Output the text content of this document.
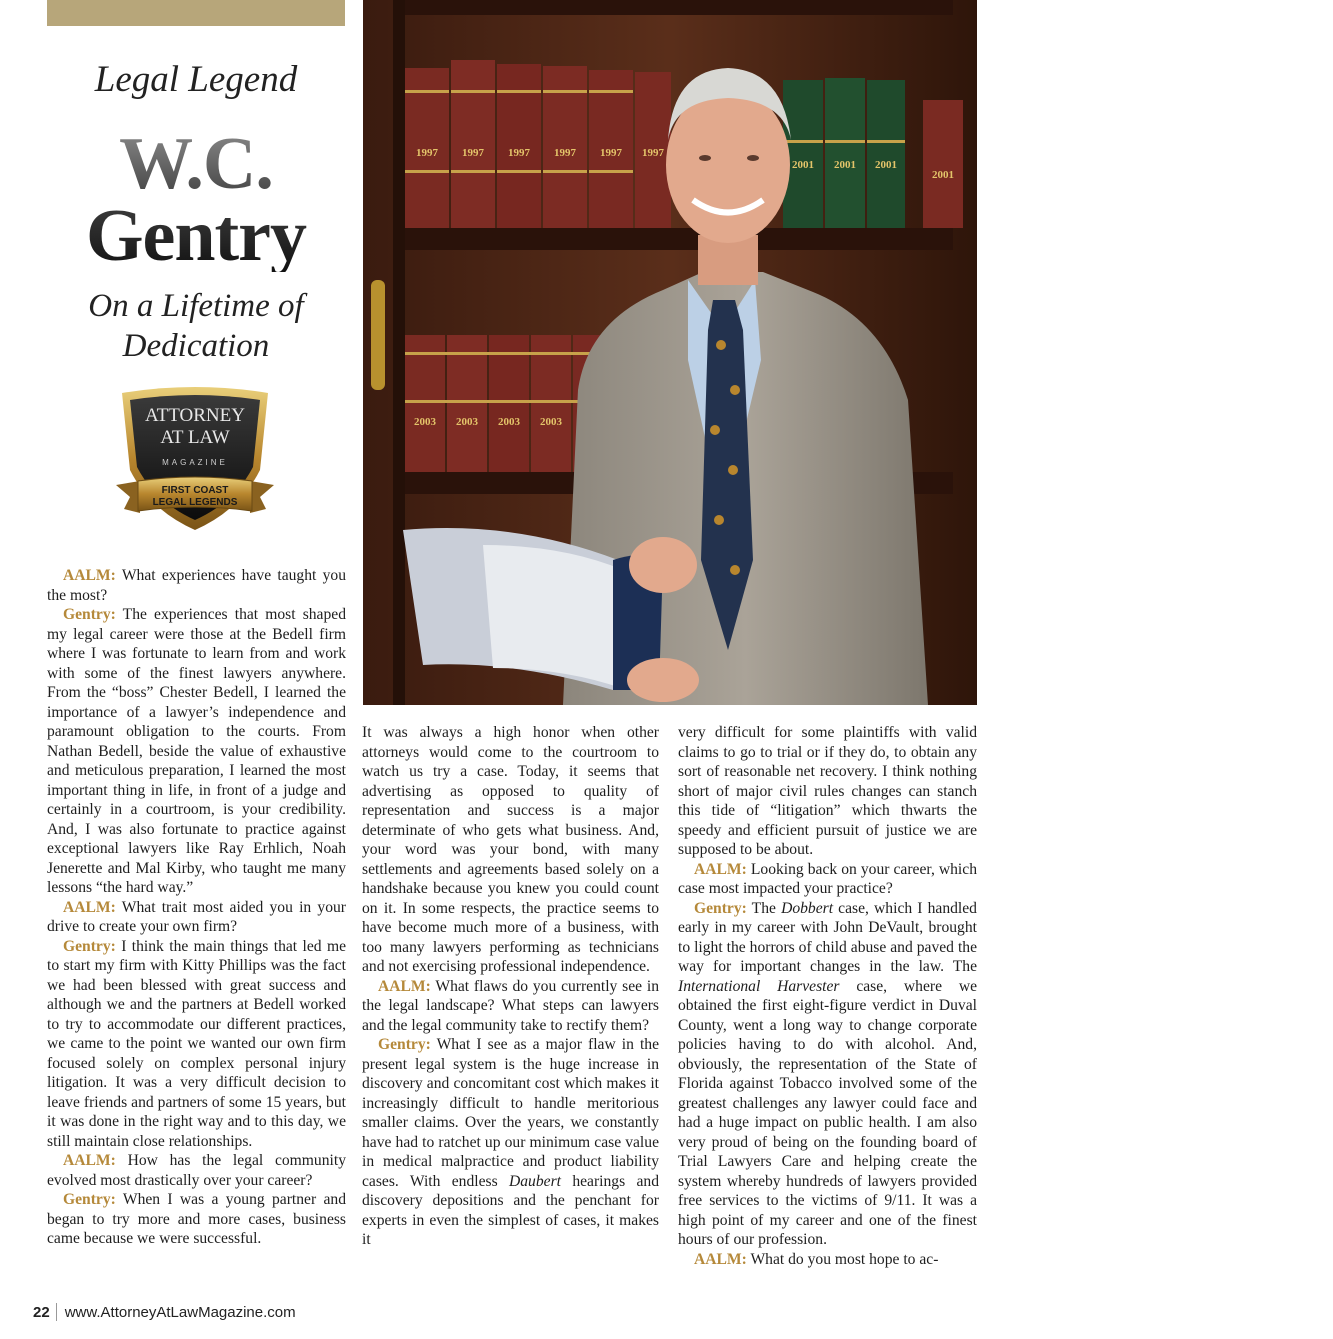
Legal Legend
W.C.
Gentry
On a Lifetime of Dedication
ATTORNEY
AT LAW
MAGAZINE
FIRST COAST
LEGAL LEGENDS
1997 1997 1997 1997 1997 1997
2001 2001 2001
2001
2003 2003 2003 2003
© Barry Rabinowitz, 2016, All rights reserved.

AALM: What experiences have taught you the most?

Gentry: The experiences that most shaped my legal career were those at the Bedell firm where I was fortunate to learn from and work with some of the finest lawyers anywhere. From the “boss” Chester Bedell, I learned the importance of a lawyer’s independence and paramount obligation to the courts. From Nathan Bedell, beside the value of exhaustive and meticulous preparation, I learned the most important thing in life, in front of a judge and certainly in a courtroom, is your credibility. And, I was also fortunate to practice against exceptional lawyers like Ray Erhlich, Noah Jenerette and Mal Kirby, who taught me many lessons “the hard way.”

AALM: What trait most aided you in your drive to create your own firm?

Gentry: I think the main things that led me to start my firm with Kitty Phillips was the fact we had been blessed with great success and although we and the partners at Bedell worked to try to accommodate our different practices, we came to the point we wanted our own firm focused solely on complex personal injury litigation. It was a very difficult decision to leave friends and partners of some 15 years, but it was done in the right way and to this day, we still maintain close relationships.

AALM: How has the legal community evolved most drastically over your career?

Gentry: When I was a young partner and began to try more and more cases, business came because we were successful.

It was always a high honor when other attorneys would come to the courtroom to watch us try a case. Today, it seems that advertising as opposed to quality of representation and success is a major determinate of who gets what business. And, your word was your bond, with many settlements and agreements based solely on a handshake because you knew you could count on it. In some respects, the practice seems to have become much more of a business, with too many lawyers performing as technicians and not exercising professional independence.

AALM: What flaws do you currently see in the legal landscape? What steps can lawyers and the legal community take to rectify them?

Gentry: What I see as a major flaw in the present legal system is the huge increase in discovery and concomitant cost which makes it increasingly difficult to handle meritorious smaller claims. Over the years, we constantly have had to ratchet up our minimum case value in medical malpractice and product liability cases. With endless Daubert hearings and discovery depositions and the penchant for experts in even the simplest of cases, it makes it

very difficult for some plaintiffs with valid claims to go to trial or if they do, to obtain any sort of reasonable net recovery. I think nothing short of major civil rules changes can stanch this tide of “litigation” which thwarts the speedy and efficient pursuit of justice we are supposed to be about.

AALM: Looking back on your career, which case most impacted your practice?

Gentry: The Dobbert case, which I handled early in my career with John DeVault, brought to light the horrors of child abuse and paved the way for important changes in the law. The International Harvester case, where we obtained the first eight-figure verdict in Duval County, went a long way to change corporate policies having to do with alcohol. And, obviously, the representation of the State of Florida against Tobacco involved some of the greatest challenges any lawyer could face and had a huge impact on public health. I am also very proud of being on the founding board of Trial Lawyers Care and helping create the system whereby hundreds of lawyers provided free services to the victims of 9/11. It was a high point of my career and one of the finest hours of our profession.

AALM: What do you most hope to ac-

22 www.AttorneyAtLawMagazine.com
